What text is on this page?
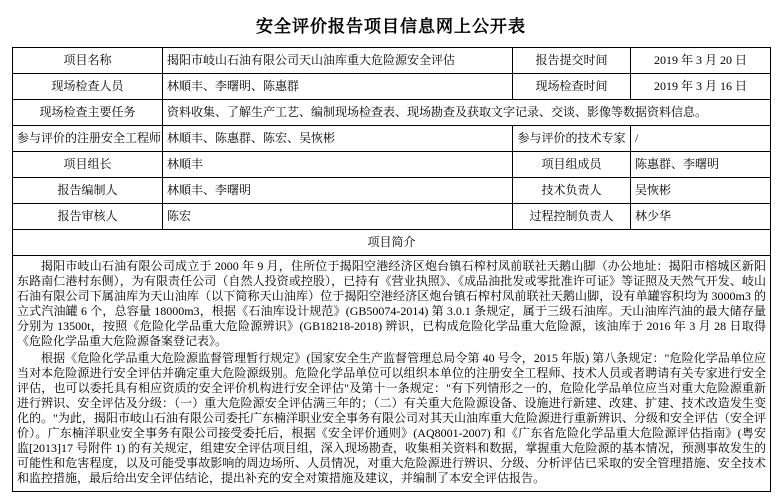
安全评价报告项目信息网上公开表
项目名称	揭阳市岐山石油有限公司天山油库重大危险源安全评估	报告提交时间	2019 年 3 月 20 日
现场检查人员	林順丰、李曙明、陈惠群	现场检查时间	2019 年 3 月 16 日
现场检查主要任务	资料收集、了解生产工艺、编制现场检查表、现场勘查及获取文字记录、交谈、影像等数据资料信息。		
参与评价的注册安全工程师	林順丰、陈惠群、陈宏、吴恢彬	参与评价的技术专家	/
项目组长	林順丰	项目组成员	陈惠群、李曙明
报告编制人	林順丰、李曙明	技术负责人	吴恢彬
报告审核人	陈宏	过程控制负责人	林少华
项目简介			

揭阳市岐山石油有限公司成立于 2000 年 9 月，住所位于揭阳空港经济区炮台镇石榨村凤前联社天鹅山脚（办公地址：揭阳市榕城区新阳东路南仁港村东侧），为有限责任公司（自然人投资或控股），已持有《营业执照》、《成品油批发或零批准许可证》等证照及天然气开发、岐山石油有限公司下属油库为天山油库（以下简称天山油库）位于揭阳空港经济区炮台镇石榨村凤前联社天鹅山脚，设有单罐容积均为 3000m3 的立式汽油罐 6 个，总容量 18000m3，根据《石油库设计规范》(GB50074-2014) 第 3.0.1 条规定，属于三级石油库。天山油库汽油的最大储存量分别为 13500t，按照《危险化学品重大危险源辨识》(GB18218-2018) 辨识，已构成危险化学品重大危险源，该油库于 2016 年 3 月 28 日取得《危险化学品重大危险源备案登记表》。

根据《危险化学品重大危险源监督管理暂行规定》(国家安全生产监督管理总局令第 40 号令，2015 年版) 第八条规定："危险化学品单位应当对本危险源进行安全评估并确定重大危险源级别。危险化学品单位可以组织本单位的注册安全工程师、技术人员或者聘请有关专家进行安全评估，也可以委托具有相应资质的安全评价机构进行安全评估"及第十一条规定："有下列情形之一的，危险化学品单位应当对重大危险源重新进行辨识、安全评估及分级：（一）重大危险源安全评估满三年的；（二）有关重大危险源设备、设施进行新建、改建、扩建、技术改造发生变化的。"为此，揭阳市岐山石油有限公司委托广东楠洋职业安全事务有限公司对其天山油库重大危险源进行重新辨识、分级和安全评估（安全评价）。广东楠洋职业安全事务有限公司接受委托后，根据《安全评价通则》(AQ8001-2007) 和《广东省危险化学品重大危险源评估指南》(粤安监[2013]17 号附件 1) 的有关规定，组建安全评估项目组，深入现场勘查，收集相关资料和数据，掌握重大危险源的基本情况，预测事故发生的可能性和危害程度，以及可能受事故影响的周边场所、人员情况，对重大危险源进行辨识、分级、分析评估已采取的安全管理措施、安全技术和监控措施，最后给出安全评估结论，提出补充的安全对策措施及建议，并编制了本安全评估报告。			
